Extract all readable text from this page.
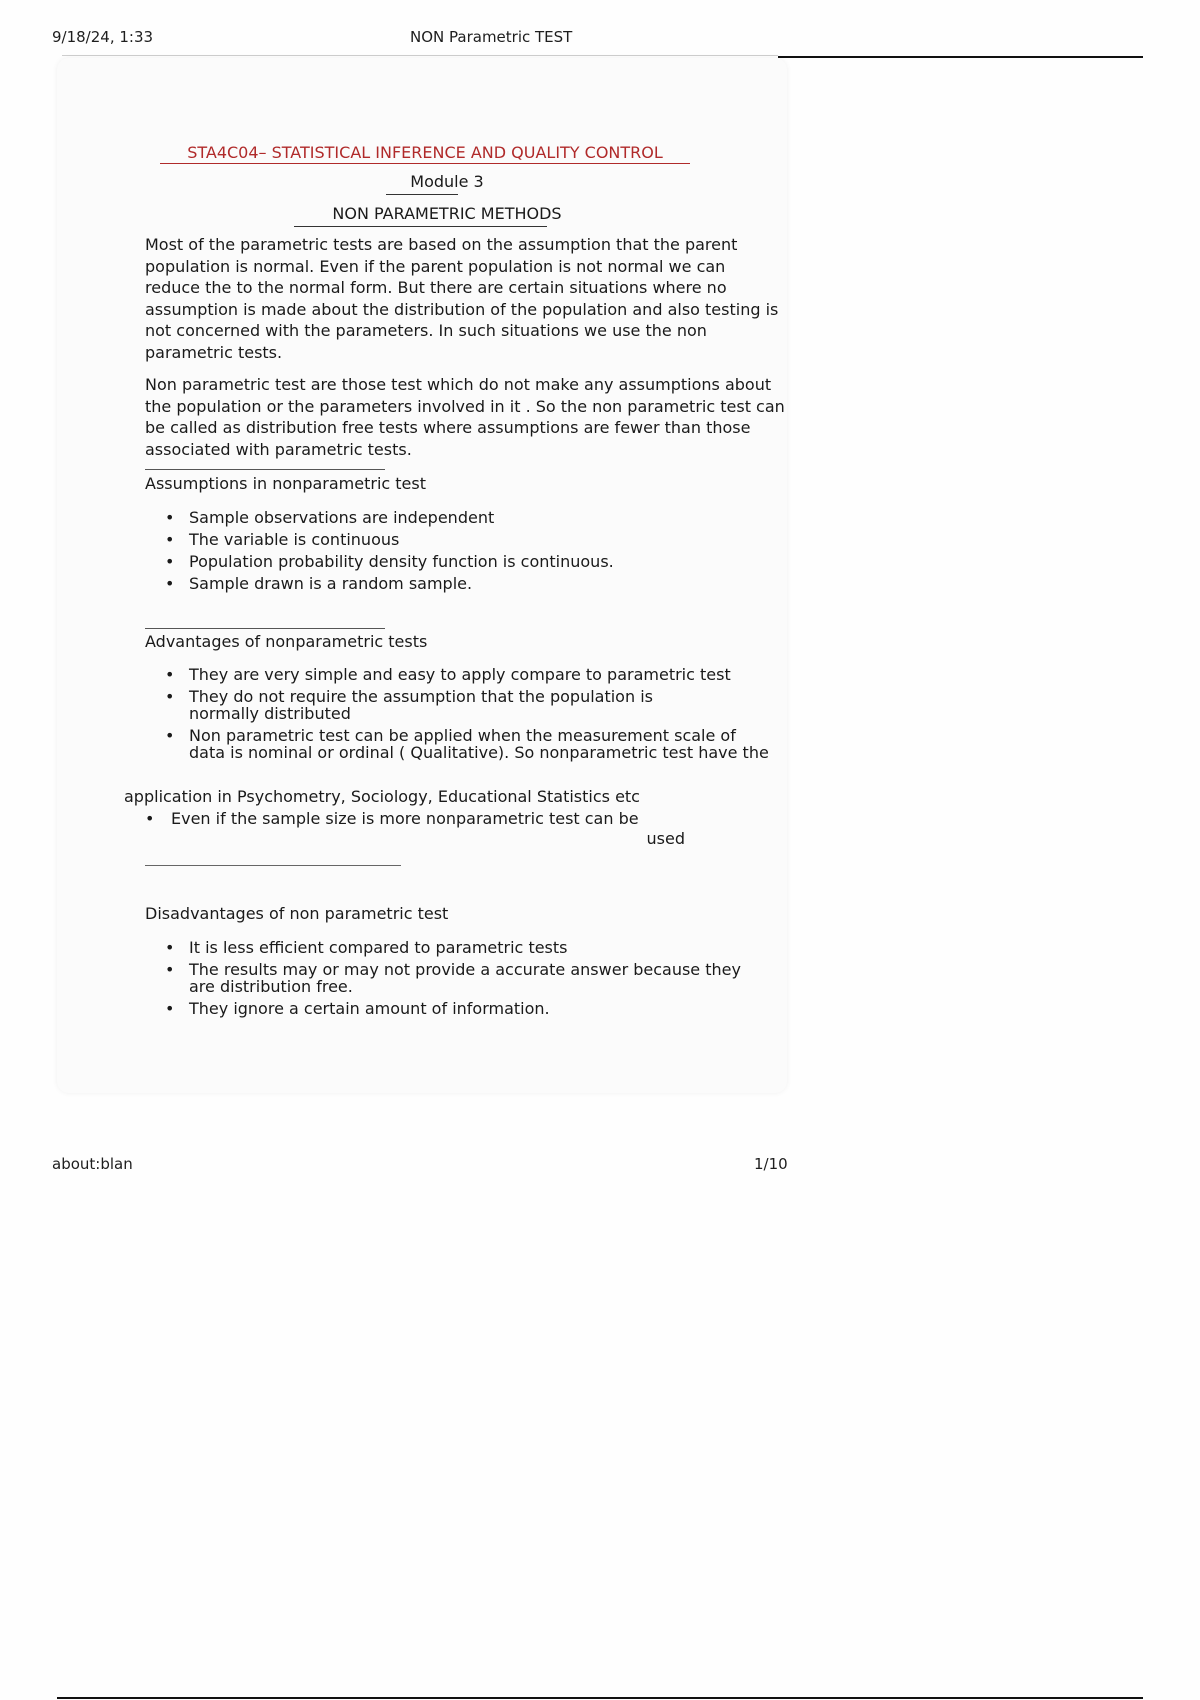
9/18/24, 1:33	NON Parametric TEST
STA4C04– STATISTICAL INFERENCE AND QUALITY CONTROL
Module 3
NON PARAMETRIC METHODS
Most of the parametric tests are based on the assumption that the parent population is normal. Even if the parent population is not normal we can reduce the to the normal form. But there are certain situations where no assumption is made about the distribution of the population and also testing is not concerned with the parameters. In such situations we use the non parametric tests.
Non parametric test are those test which do not make any assumptions about the population or the parameters involved in it . So the non parametric test can be called as distribution free tests where assumptions are fewer than those associated with parametric tests.
Assumptions in nonparametric test
• Sample observations are independent
• The variable is continuous
• Population probability density function is continuous.
• Sample drawn is a random sample.
Advantages of nonparametric tests
• They are very simple and easy to apply compare to parametric test
• They do not require the assumption that the population is normally distributed
• Non parametric test can be applied when the measurement scale of data is nominal or ordinal ( Qualitative). So nonparametric test have the
application in Psychometry, Sociology, Educational Statistics etc
• Even if the sample size is more nonparametric test can be
used
Disadvantages of non parametric test
• It is less efficient compared to parametric tests
• The results may or may not provide a accurate answer because they are distribution free.
• They ignore a certain amount of information.
about:blan	1/10
